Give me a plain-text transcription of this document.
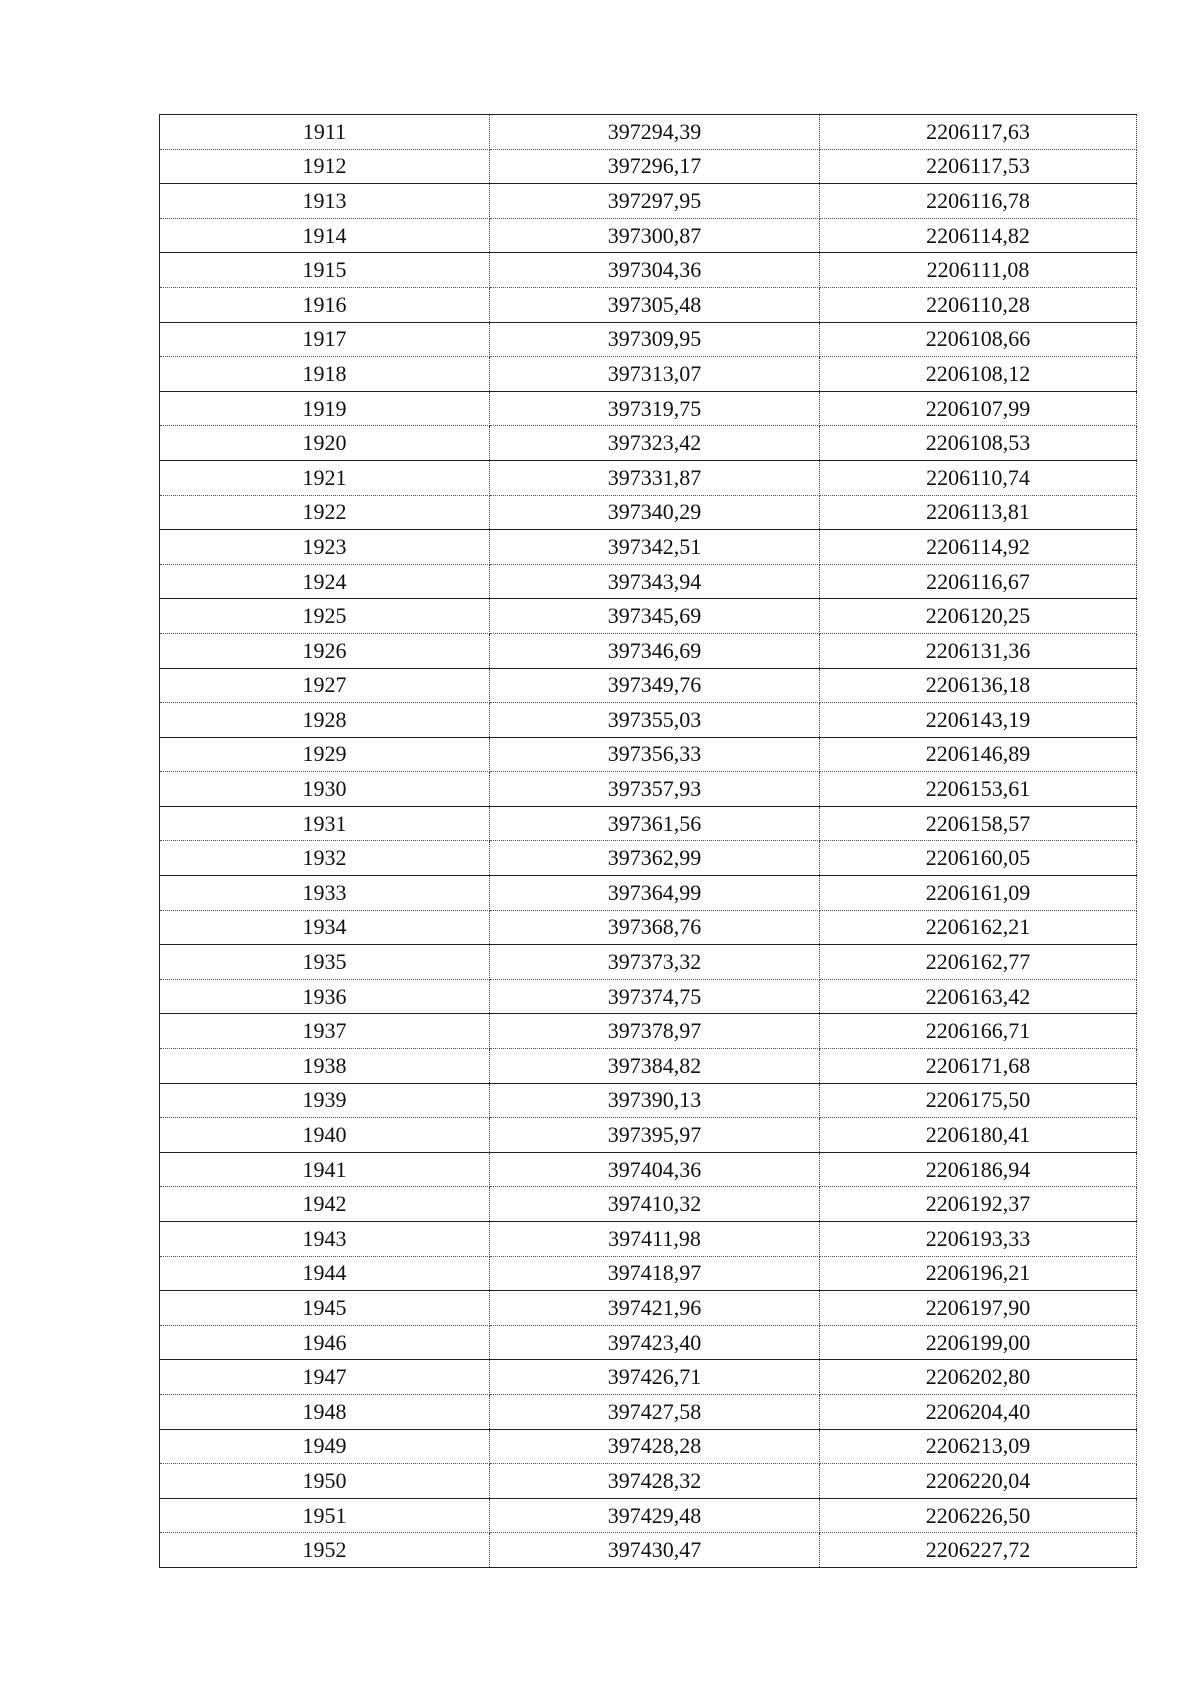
1911	397294,39	2206117,63
1912	397296,17	2206117,53
1913	397297,95	2206116,78
1914	397300,87	2206114,82
1915	397304,36	2206111,08
1916	397305,48	2206110,28
1917	397309,95	2206108,66
1918	397313,07	2206108,12
1919	397319,75	2206107,99
1920	397323,42	2206108,53
1921	397331,87	2206110,74
1922	397340,29	2206113,81
1923	397342,51	2206114,92
1924	397343,94	2206116,67
1925	397345,69	2206120,25
1926	397346,69	2206131,36
1927	397349,76	2206136,18
1928	397355,03	2206143,19
1929	397356,33	2206146,89
1930	397357,93	2206153,61
1931	397361,56	2206158,57
1932	397362,99	2206160,05
1933	397364,99	2206161,09
1934	397368,76	2206162,21
1935	397373,32	2206162,77
1936	397374,75	2206163,42
1937	397378,97	2206166,71
1938	397384,82	2206171,68
1939	397390,13	2206175,50
1940	397395,97	2206180,41
1941	397404,36	2206186,94
1942	397410,32	2206192,37
1943	397411,98	2206193,33
1944	397418,97	2206196,21
1945	397421,96	2206197,90
1946	397423,40	2206199,00
1947	397426,71	2206202,80
1948	397427,58	2206204,40
1949	397428,28	2206213,09
1950	397428,32	2206220,04
1951	397429,48	2206226,50
1952	397430,47	2206227,72
